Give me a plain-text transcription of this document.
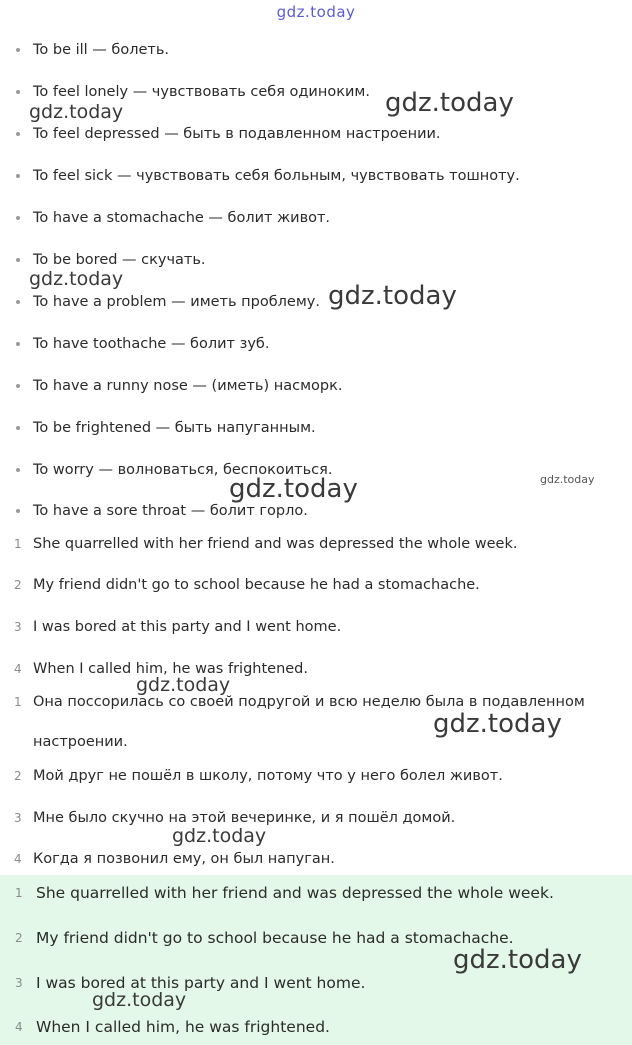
gdz.today
To be ill — болеть.
To feel lonely — чувствовать себя одиноким.
To feel depressed — быть в подавленном настроении.
To feel sick — чувствовать себя больным, чувствовать тошноту.
To have a stomachache — болит живот.
To be bored — скучать.
To have a problem — иметь проблему.
To have toothache — болит зуб.
To have a runny nose — (иметь) насморк.
To be frightened — быть напуганным.
To worry — волноваться, беспокоиться.
To have a sore throat — болит горло.
1 She quarrelled with her friend and was depressed the whole week.
2 My friend didn't go to school because he had a stomachache.
3 I was bored at this party and I went home.
4 When I called him, he was frightened.
1 Она поссорилась со своей подругой и всю неделю была в подавленном настроении.
2 Мой друг не пошёл в школу, потому что у него болел живот.
3 Мне было скучно на этой вечеринке, и я пошёл домой.
4 Когда я позвонил ему, он был напуган.
1 She quarrelled with her friend and was depressed the whole week.
2 My friend didn't go to school because he had a stomachache.
3 I was bored at this party and I went home.
4 When I called him, he was frightened.
gdz.today	gdz.today
gdz.today
gdz.today
gdz.today
gdz.today
gdz.today
gdz.today
gdz.today
gdz.today
gdz.today
